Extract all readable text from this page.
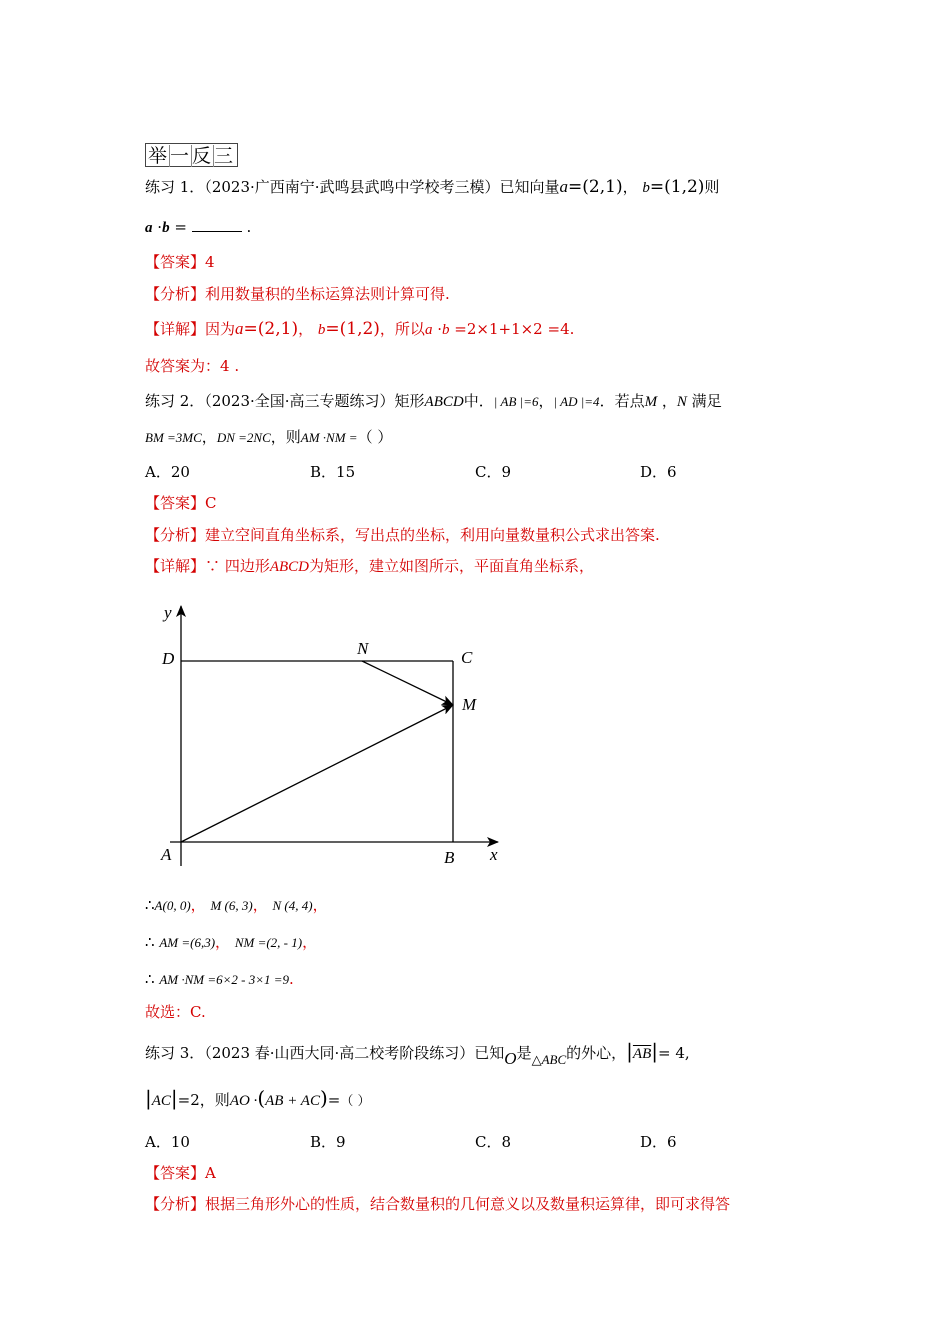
举 一 反 三
练习 1．（2023·广西南宁·武鸣县武鸣中学校考三模）已知向量a=(2,1)， b=(1,2)则
a ·b =	.
【答案】4
【分析】利用数量积的坐标运算法则计算可得.
【详解】因为a=(2,1)， b=(1,2)，所以a ·b =2×1+1×2 =4.
故答案为：4 .
练习 2．（2023·全国·高三专题练习）矩形ABCD中．| AB |=6，| AD |=4．若点M ，N 满足
BM =3MC，DN =2NC，则AM ·NM =（ ）
A．20	B．15	C．9	D．6
【答案】C
【分析】建立空间直角坐标系，写出点的坐标，利用向量数量积公式求出答案.
【详解】∵ 四边形ABCD为矩形，建立如图所示，平面直角坐标系，
y
x
A	B
C
D
M
N
∴A(0, 0)， M (6, 3)， N (4, 4)，
∴ AM =(6,3)， NM =(2, - 1)，
∴ AM ·NM =6×2 - 3×1 =9.
故选：C.
练习 3．（2023 春·山西大同·高二校考阶段练习）已知O是△ABC的外心，$|\overline{AB}|= 4$,
|AC|=2，则AO ·(AB + AC)=（ ）
A．10	B．9	C．8	D．6
【答案】A
【分析】根据三角形外心的性质，结合数量积的几何意义以及数量积运算律，即可求得答
